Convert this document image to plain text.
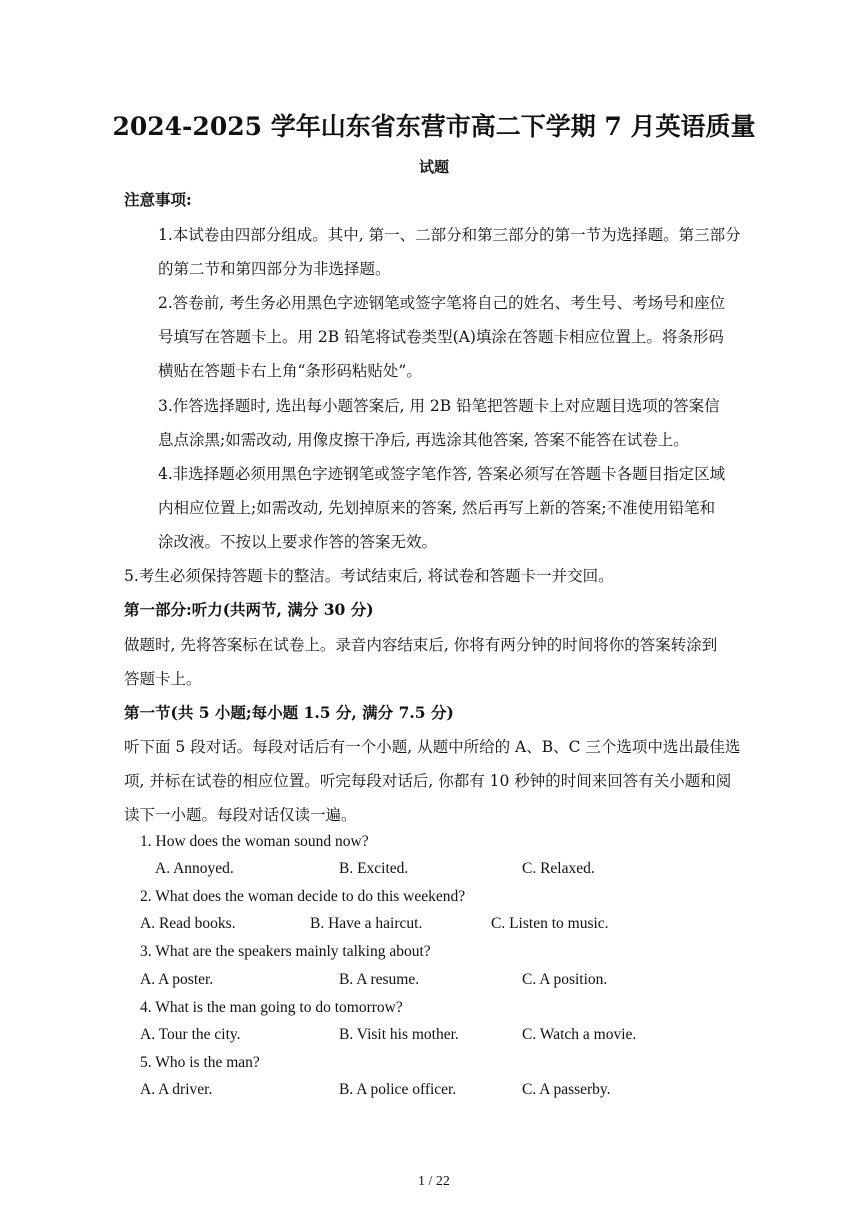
2024-2025 学年山东省东营市高二下学期 7 月英语质量
试题
注意事项:
1.本试卷由四部分组成。其中, 第一、二部分和第三部分的第一节为选择题。第三部分
的第二节和第四部分为非选择题。
2.答卷前, 考生务必用黑色字迹钢笔或签字笔将自己的姓名、考生号、考场号和座位
号填写在答题卡上。用 2B 铅笔将试卷类型(A)填涂在答题卡相应位置上。将条形码
横贴在答题卡右上角“条形码粘贴处”。
3.作答选择题时, 选出每小题答案后, 用 2B 铅笔把答题卡上对应题目选项的答案信
息点涂黑;如需改动, 用像皮擦干净后, 再选涂其他答案, 答案不能答在试卷上。
4.非选择题必须用黑色字迹钢笔或签字笔作答, 答案必须写在答题卡各题目指定区域
内相应位置上;如需改动, 先划掉原来的答案, 然后再写上新的答案;不准使用铅笔和
涂改液。不按以上要求作答的答案无效。
5.考生必须保持答题卡的整洁。考试结束后, 将试卷和答题卡一并交回。
第一部分:听力(共两节, 满分 30 分)
做题时, 先将答案标在试卷上。录音内容结束后, 你将有两分钟的时间将你的答案转涂到
答题卡上。
第一节(共 5 小题;每小题 1.5 分, 满分 7.5 分)
听下面 5 段对话。每段对话后有一个小题, 从题中所给的 A、B、C 三个选项中选出最佳选
项, 并标在试卷的相应位置。听完每段对话后, 你都有 10 秒钟的时间来回答有关小题和阅
读下一小题。每段对话仅读一遍。
1. How does the woman sound now?
A. Annoyed.	B. Excited.	C. Relaxed.
2. What does the woman decide to do this weekend?
A. Read books.	B. Have a haircut.	C. Listen to music.
3. What are the speakers mainly talking about?
A. A poster.	B. A resume.	C. A position.
4. What is the man going to do tomorrow?
A. Tour the city.	B. Visit his mother.	C. Watch a movie.
5. Who is the man?
A. A driver.	B. A police officer.	C. A passerby.
1 / 22
